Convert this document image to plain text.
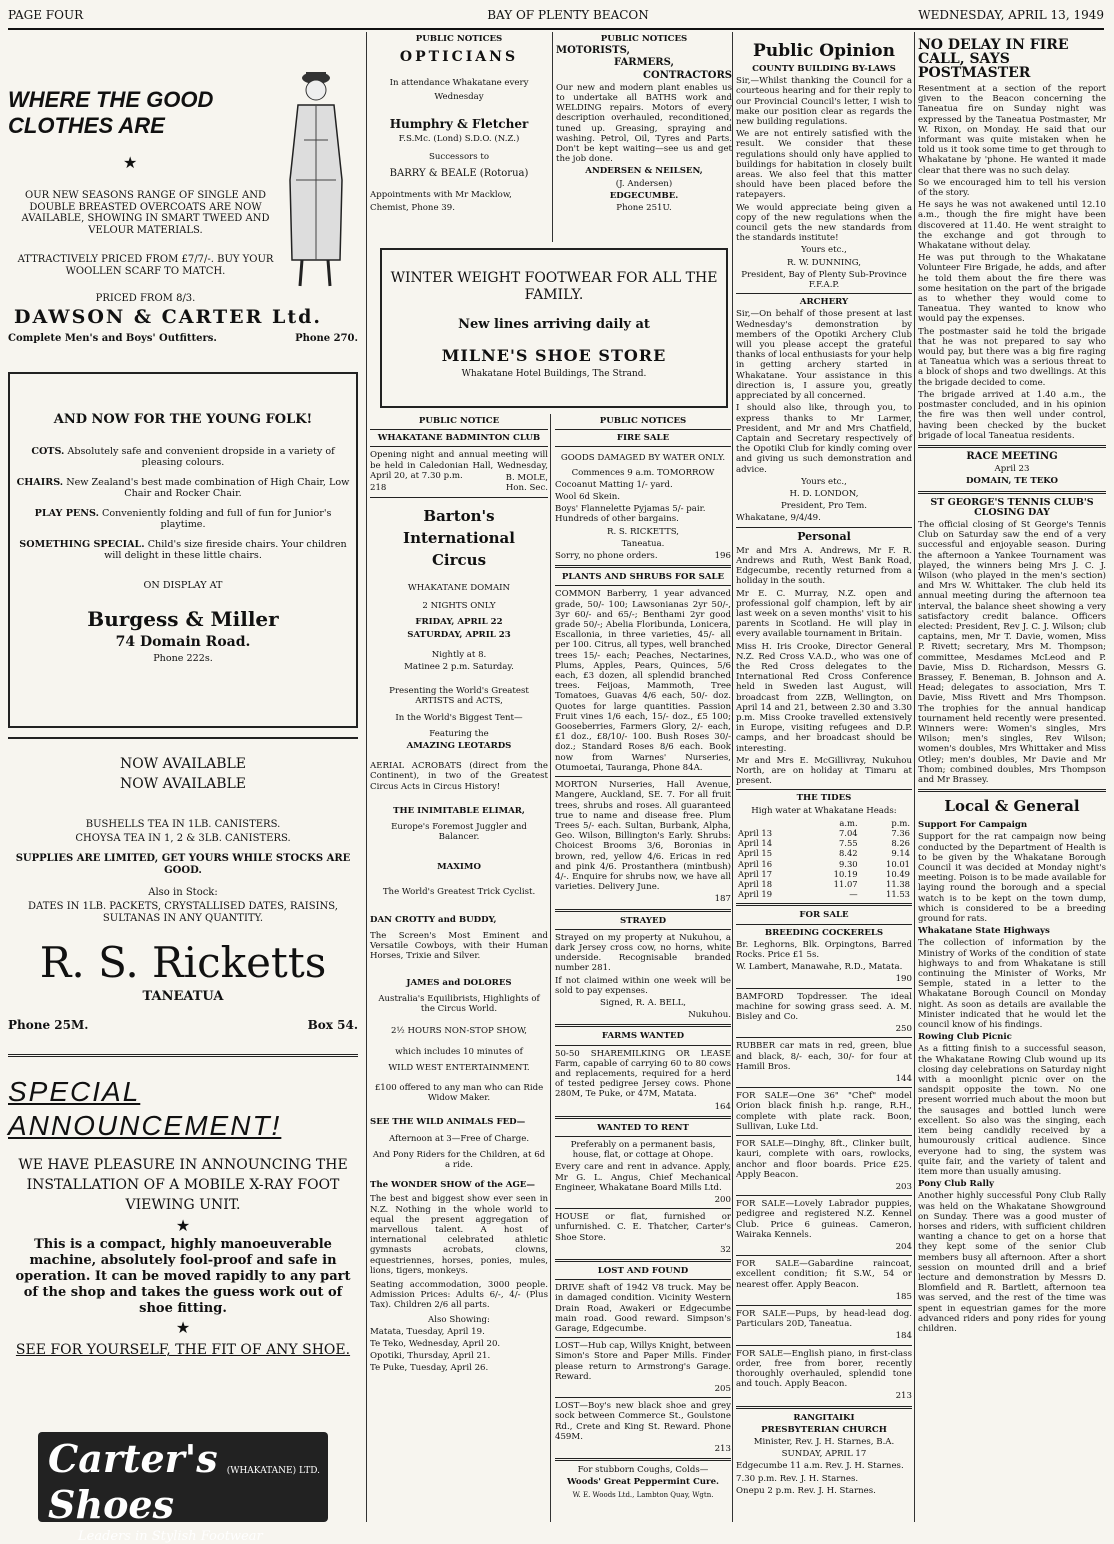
PAGE FOUR	BAY OF PLENTY BEACON	WEDNESDAY, APRIL 13, 1949

WHERE THE GOOD

CLOTHES ARE

★

OUR NEW SEASONS RANGE OF SINGLE AND DOUBLE BREASTED OVERCOATS ARE NOW AVAILABLE, SHOWING IN SMART TWEED AND VELOUR MATERIALS.

ATTRACTIVELY PRICED FROM £7/7/-. BUY YOUR WOOLLEN SCARF TO MATCH.

PRICED FROM 8/3.

DAWSON & CARTER Ltd.

Complete Men's and Boys' Outfitters.	Phone 270.

AND NOW FOR THE YOUNG FOLK!

COTS. Absolutely safe and convenient dropside in a variety of pleasing colours.

CHAIRS. New Zealand's best made combination of High Chair, Low Chair and Rocker Chair.

PLAY PENS. Conveniently folding and full of fun for Junior's playtime.

SOMETHING SPECIAL. Child's size fireside chairs. Your children will delight in these little chairs.

ON DISPLAY AT

Burgess & Miller

74 Domain Road.

Phone 222s.

NOW AVAILABLE

NOW AVAILABLE

BUSHELLS TEA IN 1LB. CANISTERS.

CHOYSA TEA IN 1, 2 & 3LB. CANISTERS.

SUPPLIES ARE LIMITED, GET YOURS WHILE STOCKS ARE GOOD.

Also in Stock:

DATES IN 1LB. PACKETS, CRYSTALLISED DATES, RAISINS, SULTANAS IN ANY QUANTITY.

R. S. Ricketts

TANEATUA

Phone 25M.	Box 54.

SPECIAL

ANNOUNCEMENT!

WE HAVE PLEASURE IN ANNOUNCING THE INSTALLATION OF A MOBILE X-RAY FOOT VIEWING UNIT.

★

This is a compact, highly manoeuverable machine, absolutely fool-proof and safe in operation. It can be moved rapidly to any part of the shop and takes the guess work out of shoe fitting.

★

SEE FOR YOURSELF, THE FIT OF ANY SHOE.

Carter's Shoes

(WHAKATANE) LTD.

Leaders in Stylish Footwear

PUBLIC NOTICES

OPTICIANS

In attendance Whakatane every Wednesday

Humphry & Fletcher

F.S.Mc. (Lond) S.D.O. (N.Z.)

Successors to

BARRY & BEALE (Rotorua)

Appointments with Mr Macklow, Chemist, Phone 39.

WINTER WEIGHT FOOTWEAR FOR ALL THE FAMILY.

New lines arriving daily at

MILNE'S SHOE STORE

Whakatane Hotel Buildings, The Strand.

PUBLIC NOTICE

WHAKATANE BADMINTON CLUB

Opening night and annual meeting will be held in Caledonian Hall, Wednesday, April 20, at 7.30 p.m.

218
B. MOLE,
Hon. Sec.

Barton's International Circus

WHAKATANE DOMAIN

2 NIGHTS ONLY

FRIDAY, APRIL 22

SATURDAY, APRIL 23

Nightly at 8.

Matinee 2 p.m. Saturday.

Presenting the World's Greatest ARTISTS and ACTS,

In the World's Biggest Tent—

Featuring the

AMAZING LEOTARDS

AERIAL ACROBATS (direct from the Continent), in two of the Greatest Circus Acts in Circus History!

THE INIMITABLE ELIMAR,

Europe's Foremost Juggler and Balancer.

MAXIMO

The World's Greatest Trick Cyclist.

DAN CROTTY and BUDDY,

The Screen's Most Eminent and Versatile Cowboys, with their Human Horses, Trixie and Silver.

JAMES and DOLORES

Australia's Equilibrists, Highlights of the Circus World.

2½ HOURS NON-STOP SHOW,

which includes 10 minutes of

WILD WEST ENTERTAINMENT.

£100 offered to any man who can Ride Widow Maker.

SEE THE WILD ANIMALS FED—

Afternoon at 3—Free of Charge.

And Pony Riders for the Children, at 6d a ride.

The WONDER SHOW of the AGE—

The best and biggest show ever seen in N.Z. Nothing in the whole world to equal the present aggregation of marvellous talent. A host of international celebrated athletic gymnasts acrobats, clowns, equestriennes, horses, ponies, mules, lions, tigers, monkeys.

Seating accommodation, 3000 people. Admission Prices: Adults 6/-, 4/- (Plus Tax). Children 2/6 all parts.

Also Showing:

Matata, Tuesday, April 19.

Te Teko, Wednesday, April 20.

Opotiki, Thursday, April 21.

Te Puke, Tuesday, April 26.

PUBLIC NOTICES

MOTORISTS,

FARMERS,

CONTRACTORS

Our new and modern plant enables us to undertake all BATHS work and WELDING repairs. Motors of every description overhauled, reconditioned, tuned up. Greasing, spraying and washing. Petrol, Oil, Tyres and Parts. Don't be kept waiting—see us and get the job done.

ANDERSEN & NEILSEN,

(J. Andersen)

EDGECUMBE.

Phone 251U.

PUBLIC NOTICES

FIRE SALE

GOODS DAMAGED BY WATER ONLY.

Commences 9 a.m. TOMORROW

Cocoanut Matting 1/- yard.

Wool 6d Skein.

Boys' Flannelette Pyjamas 5/- pair. Hundreds of other bargains.

R. S. RICKETTS,

Taneatua.

Sorry, no phone orders.	196

PLANTS AND SHRUBS FOR SALE

COMMON Barberry, 1 year advanced grade, 50/- 100; Lawsonianas 2yr 50/-, 3yr 60/- and 65/-; Benthami 2yr good grade 50/-; Abelia Floribunda, Lonicera, Escallonia, in three varieties, 45/- all per 100. Citrus, all types, well branched trees 15/- each; Peaches, Nectarines, Plums, Apples, Pears, Quinces, 5/6 each, £3 dozen, all splendid branched trees. Feijoas, Mammoth, Tree Tomatoes, Guavas 4/6 each, 50/- doz. Quotes for large quantities. Passion Fruit vines 1/6 each, 15/- doz., £5 100; Gooseberries, Farmers Glory, 2/- each, £1 doz., £8/10/- 100. Bush Roses 30/- doz.; Standard Roses 8/6 each. Book now from Warnes' Nurseries, Otumoetai, Tauranga, Phone 84A.

MORTON Nurseries, Hall Avenue, Mangere, Auckland, SE. 7. For all fruit trees, shrubs and roses. All guaranteed true to name and disease free. Plum Trees 5/- each. Sultan, Burbank, Alpha, Geo. Wilson, Billington's Early. Shrubs: Choicest Brooms 3/6, Boronias in brown, red, yellow 4/6. Ericas in red and pink 4/6. Prostanthera (mintbush) 4/-. Enquire for shrubs now, we have all varieties. Delivery June.

187

STRAYED

Strayed on my property at Nukuhou, a dark Jersey cross cow, no horns, white underside. Recognisable branded number 281.

If not claimed within one week will be sold to pay expenses.

Signed, R. A. BELL,

Nukuhou.

FARMS WANTED

50-50 SHAREMILKING OR LEASE Farm, capable of carrying 60 to 80 cows and replacements, required for a herd of tested pedigree Jersey cows. Phone 280M, Te Puke, or 47M, Matata.

164

WANTED TO RENT

Preferably on a permanent basis, house, flat, or cottage at Ohope.

Every care and rent in advance. Apply, Mr G. L. Angus, Chief Mechanical Engineer, Whakatane Board Mills Ltd.

200

HOUSE or flat, furnished or unfurnished. C. E. Thatcher, Carter's Shoe Store.

32

LOST AND FOUND

DRIVE shaft of 1942 V8 truck. May be in damaged condition. Vicinity Western Drain Road, Awakeri or Edgecumbe main road. Good reward. Simpson's Garage, Edgecumbe.

LOST—Hub cap, Willys Knight, between Simon's Store and Paper Mills. Finder please return to Armstrong's Garage. Reward.

205

LOST—Boy's new black shoe and grey sock between Commerce St., Goulstone Rd., Crete and King St. Reward. Phone 459M.

213

For stubborn Coughs, Colds—

Woods' Great Peppermint Cure.

W. E. Woods Ltd., Lambton Quay, Wgtn.

Public Opinion

COUNTY BUILDING BY-LAWS

Sir,—Whilst thanking the Council for a courteous hearing and for their reply to our Provincial Council's letter, I wish to make our position clear as regards the new building regulations.

We are not entirely satisfied with the result. We consider that these regulations should only have applied to buildings for habitation in closely built areas. We also feel that this matter should have been placed before the ratepayers.

We would appreciate being given a copy of the new regulations when the council gets the new standards from the standards institute!

Yours etc.,

R. W. DUNNING,

President, Bay of Plenty Sub-Province F.F.A.P.

ARCHERY

Sir,—On behalf of those present at last Wednesday's demonstration by members of the Opotiki Archery Club will you please accept the grateful thanks of local enthusiasts for your help in getting archery started in Whakatane. Your assistance in this direction is, I assure you, greatly appreciated by all concerned.

I should also like, through you, to express thanks to Mr Larmer, President, and Mr and Mrs Chatfield, Captain and Secretary respectively of the Opotiki Club for kindly coming over and giving us such demonstration and advice.

Yours etc.,

H. D. LONDON,

President, Pro Tem.

Whakatane, 9/4/49.

Personal

Mr and Mrs A. Andrews, Mr F. R. Andrews and Ruth, West Bank Road, Edgecumbe, recently returned from a holiday in the south.

Mr E. C. Murray, N.Z. open and professional golf champion, left by air last week on a seven months' visit to his parents in Scotland. He will play in every available tournament in Britain.

Miss H. Iris Crooke, Director General N.Z. Red Cross V.A.D., who was one of the Red Cross delegates to the International Red Cross Conference held in Sweden last August, will broadcast from 2ZB, Wellington, on April 14 and 21, between 2.30 and 3.30 p.m. Miss Crooke travelled extensively in Europe, visiting refugees and D.P. camps, and her broadcast should be interesting.

Mr and Mrs E. McGillivray, Nukuhou North, are on holiday at Timaru at present.

THE TIDES

High water at Whakatane Heads:

	a.m.	p.m.
April 13	7.04	7.36
April 14	7.55	8.26
April 15	8.42	9.14
April 16	9.30	10.01
April 17	10.19	10.49
April 18	11.07	11.38
April 19	—	11.53

FOR SALE

BREEDING COCKERELS

Br. Leghorns, Blk. Orpingtons, Barred Rocks. Price £1 5s.

W. Lambert, Manawahe, R.D., Matata.

190

BAMFORD Topdresser. The ideal machine for sowing grass seed. A. M. Bisley and Co.

250

RUBBER car mats in red, green, blue and black, 8/- each, 30/- for four at Hamill Bros.

144

FOR SALE—One 36" "Chef" model Orion black finish h.p. range, R.H., complete with plate rack. Boon, Sullivan, Luke Ltd.

FOR SALE—Dinghy, 8ft., Clinker built, kauri, complete with oars, rowlocks, anchor and floor boards. Price £25. Apply Beacon.

203

FOR SALE—Lovely Labrador puppies, pedigree and registered N.Z. Kennel Club. Price 6 guineas. Cameron, Wairaka Kennels.

204

FOR SALE—Gabardine raincoat, excellent condition; fit S.W., 54 or nearest offer. Apply Beacon.

185

FOR SALE—Pups, by head-lead dog. Particulars 20D, Taneatua.

184

FOR SALE—English piano, in first-class order, free from borer, recently thoroughly overhauled, splendid tone and touch. Apply Beacon.

213

RANGITAIKI

PRESBYTERIAN CHURCH

Minister, Rev. J. H. Starnes, B.A.

SUNDAY, APRIL 17

Edgecumbe 11 a.m. Rev. J. H. Starnes.

7.30 p.m. Rev. J. H. Starnes.

Onepu 2 p.m. Rev. J. H. Starnes.

NO DELAY IN FIRE CALL, SAYS POSTMASTER

Resentment at a section of the report given to the Beacon concerning the Taneatua fire on Sunday night was expressed by the Taneatua Postmaster, Mr W. Rixon, on Monday. He said that our informant was quite mistaken when he told us it took some time to get through to Whakatane by 'phone. He wanted it made clear that there was no such delay.

So we encouraged him to tell his version of the story.

He says he was not awakened until 12.10 a.m., though the fire might have been discovered at 11.40. He went straight to the exchange and got through to Whakatane without delay.

He was put through to the Whakatane Volunteer Fire Brigade, he adds, and after he told them about the fire there was some hesitation on the part of the brigade as to whether they would come to Taneatua. They wanted to know who would pay the expenses.

The postmaster said he told the brigade that he was not prepared to say who would pay, but there was a big fire raging at Taneatua which was a serious threat to a block of shops and two dwellings. At this the brigade decided to come.

The brigade arrived at 1.40 a.m., the postmaster concluded, and in his opinion the fire was then well under control, having been checked by the bucket brigade of local Taneatua residents.

RACE MEETING

April 23

DOMAIN, TE TEKO

ST GEORGE'S TENNIS CLUB'S CLOSING DAY

The official closing of St George's Tennis Club on Saturday saw the end of a very successful and enjoyable season. During the afternoon a Yankee Tournament was played, the winners being Mrs J. C. J. Wilson (who played in the men's section) and Mrs W. Whittaker. The club held its annual meeting during the afternoon tea interval, the balance sheet showing a very satisfactory credit balance. Officers elected: President, Rev J. C. J. Wilson; club captains, men, Mr T. Davie, women, Miss P. Rivett; secretary, Mrs M. Thompson; committee, Mesdames McLeod and P. Davie, Miss D. Richardson, Messrs G. Brassey, F. Beneman, B. Johnson and A. Head; delegates to association, Mrs T. Davie, Miss Rivett and Mrs Thompson. The trophies for the annual handicap tournament held recently were presented. Winners were: Women's singles, Mrs Wilson; men's singles, Rev Wilson; women's doubles, Mrs Whittaker and Miss Otley; men's doubles, Mr Davie and Mr Thom; combined doubles, Mrs Thompson and Mr Brassey.

Local & General

Support For Campaign

Support for the rat campaign now being conducted by the Department of Health is to be given by the Whakatane Borough Council it was decided at Monday night's meeting. Poison is to be made available for laying round the borough and a special watch is to be kept on the town dump, which is considered to be a breeding ground for rats.

Whakatane State Highways

The collection of information by the Ministry of Works of the condition of state highways to and from Whakatane is still continuing the Minister of Works, Mr Semple, stated in a letter to the Whakatane Borough Council on Monday night. As soon as details are available the Minister indicated that he would let the council know of his findings.

Rowing Club Picnic

As a fitting finish to a successful season, the Whakatane Rowing Club wound up its closing day celebrations on Saturday night with a moonlight picnic over on the sandspit opposite the town. No one present worried much about the moon but the sausages and bottled lunch were excellent. So also was the singing, each item being candidly received by a humourously critical audience. Since everyone had to sing, the system was quite fair, and the variety of talent and item more than usually amusing.

Pony Club Rally

Another highly successful Pony Club Rally was held on the Whakatane Showground on Sunday. There was a good muster of horses and riders, with sufficient children wanting a chance to get on a horse that they kept some of the senior Club members busy all afternoon. After a short session on mounted drill and a brief lecture and demonstration by Messrs D. Blomfield and R. Bartlett, afternoon tea was served, and the rest of the time was spent in equestrian games for the more advanced riders and pony rides for young children.
